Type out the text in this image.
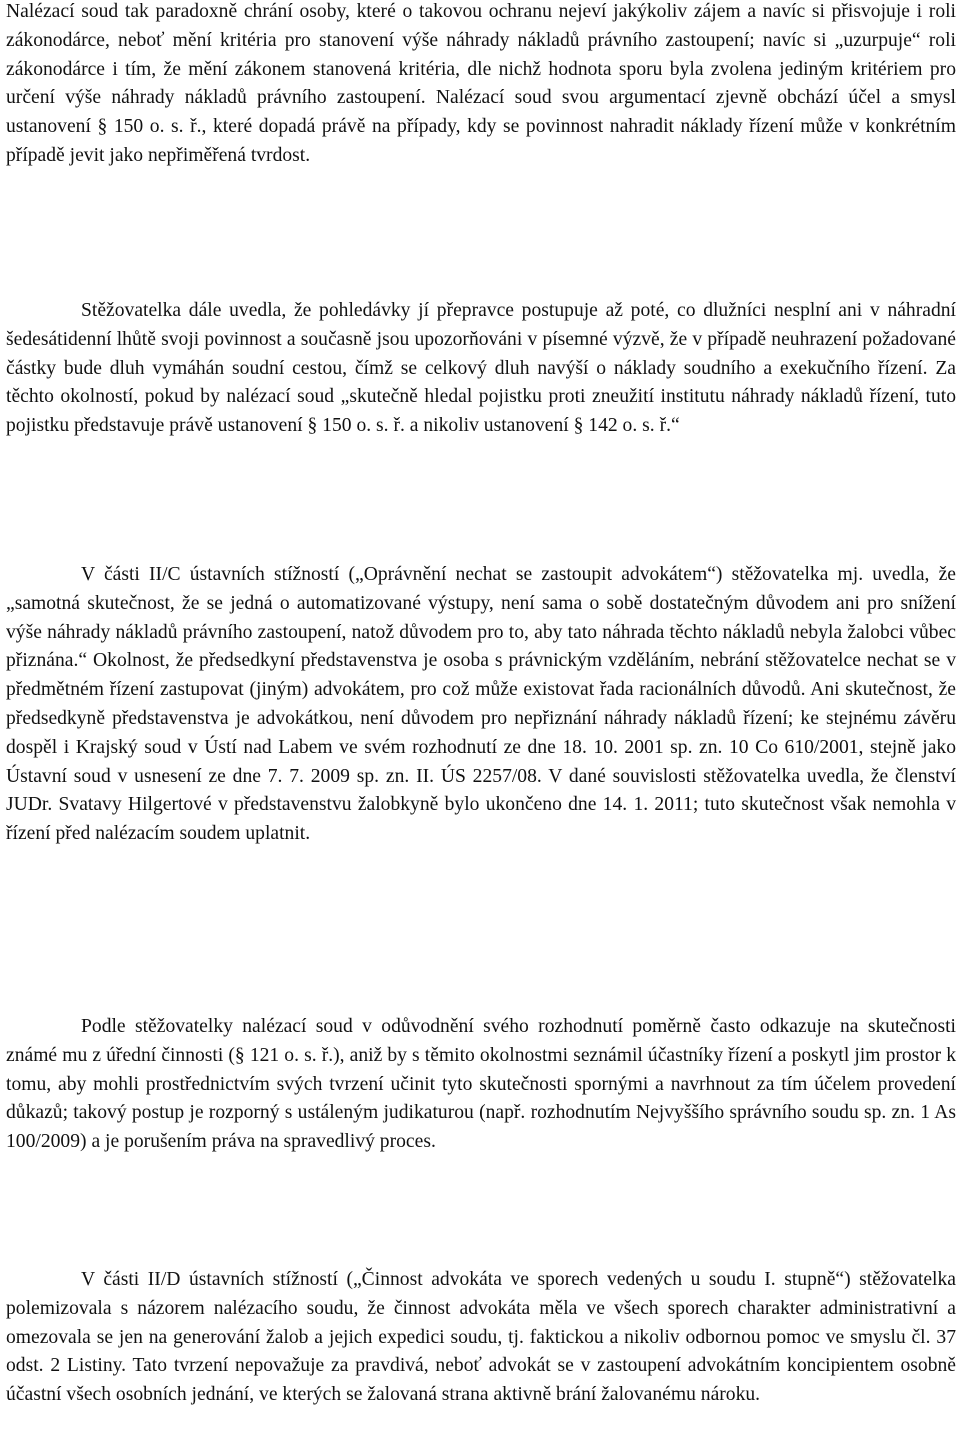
Nalézací soud tak paradoxně chrání osoby, které o takovou ochranu nejeví jakýkoliv zájem a navíc si přisvojuje i roli zákonodárce, neboť mění kritéria pro stanovení výše náhrady nákladů právního zastoupení; navíc si „uzurpuje“ roli zákonodárce i tím, že mění zákonem stanovená kritéria, dle nichž hodnota sporu byla zvolena jediným kritériem pro určení výše náhrady nákladů právního zastoupení. Nalézací soud svou argumentací zjevně obchází účel a smysl ustanovení § 150 o. s. ř., které dopadá právě na případy, kdy se povinnost nahradit náklady řízení může v konkrétním případě jevit jako nepřiměřená tvrdost.

Stěžovatelka dále uvedla, že pohledávky jí přepravce postupuje až poté, co dlužníci nesplní ani v náhradní šedesátidenní lhůtě svoji povinnost a současně jsou upozorňováni v písemné výzvě, že v případě neuhrazení požadované částky bude dluh vymáhán soudní cestou, čímž se celkový dluh navýší o náklady soudního a exekučního řízení. Za těchto okolností, pokud by nalézací soud „skutečně hledal pojistku proti zneužití institutu náhrady nákladů řízení, tuto pojistku představuje právě ustanovení § 150 o. s. ř. a nikoliv ustanovení § 142 o. s. ř.“

V části II/C ústavních stížností („Oprávnění nechat se zastoupit advokátem“) stěžovatelka mj. uvedla, že „samotná skutečnost, že se jedná o automatizované výstupy, není sama o sobě dostatečným důvodem ani pro snížení výše náhrady nákladů právního zastoupení, natož důvodem pro to, aby tato náhrada těchto nákladů nebyla žalobci vůbec přiznána.“ Okolnost, že předsedkyní představenstva je osoba s právnickým vzděláním, nebrání stěžovatelce nechat se v předmětném řízení zastupovat (jiným) advokátem, pro což může existovat řada racionálních důvodů. Ani skutečnost, že předsedkyně představenstva je advokátkou, není důvodem pro nepřiznání náhrady nákladů řízení; ke stejnému závěru dospěl i Krajský soud v Ústí nad Labem ve svém rozhodnutí ze dne 18. 10. 2001 sp. zn. 10 Co 610/2001, stejně jako Ústavní soud v usnesení ze dne 7. 7. 2009 sp. zn. II. ÚS 2257/08. V dané souvislosti stěžovatelka uvedla, že členství JUDr. Svatavy Hilgertové v představenstvu žalobkyně bylo ukončeno dne 14. 1. 2011; tuto skutečnost však nemohla v řízení před nalézacím soudem uplatnit.

Podle stěžovatelky nalézací soud v odůvodnění svého rozhodnutí poměrně často odkazuje na skutečnosti známé mu z úřední činnosti (§ 121 o. s. ř.), aniž by s těmito okolnostmi seznámil účastníky řízení a poskytl jim prostor k tomu, aby mohli prostřednictvím svých tvrzení učinit tyto skutečnosti spornými a navrhnout za tím účelem provedení důkazů; takový postup je rozporný s ustáleným judikaturou (např. rozhodnutím Nejvyššího správního soudu sp. zn. 1 As 100/2009) a je porušením práva na spravedlivý proces.

V části II/D ústavních stížností („Činnost advokáta ve sporech vedených u soudu I. stupně“) stěžovatelka polemizovala s názorem nalézacího soudu, že činnost advokáta měla ve všech sporech charakter administrativní a omezovala se jen na generování žalob a jejich expedici soudu, tj. faktickou a nikoliv odbornou pomoc ve smyslu čl. 37 odst. 2 Listiny. Tato tvrzení nepovažuje za pravdivá, neboť advokát se v zastoupení advokátním koncipientem osobně účastní všech osobních jednání, ve kterých se žalovaná strana aktivně brání žalovanému nároku.
